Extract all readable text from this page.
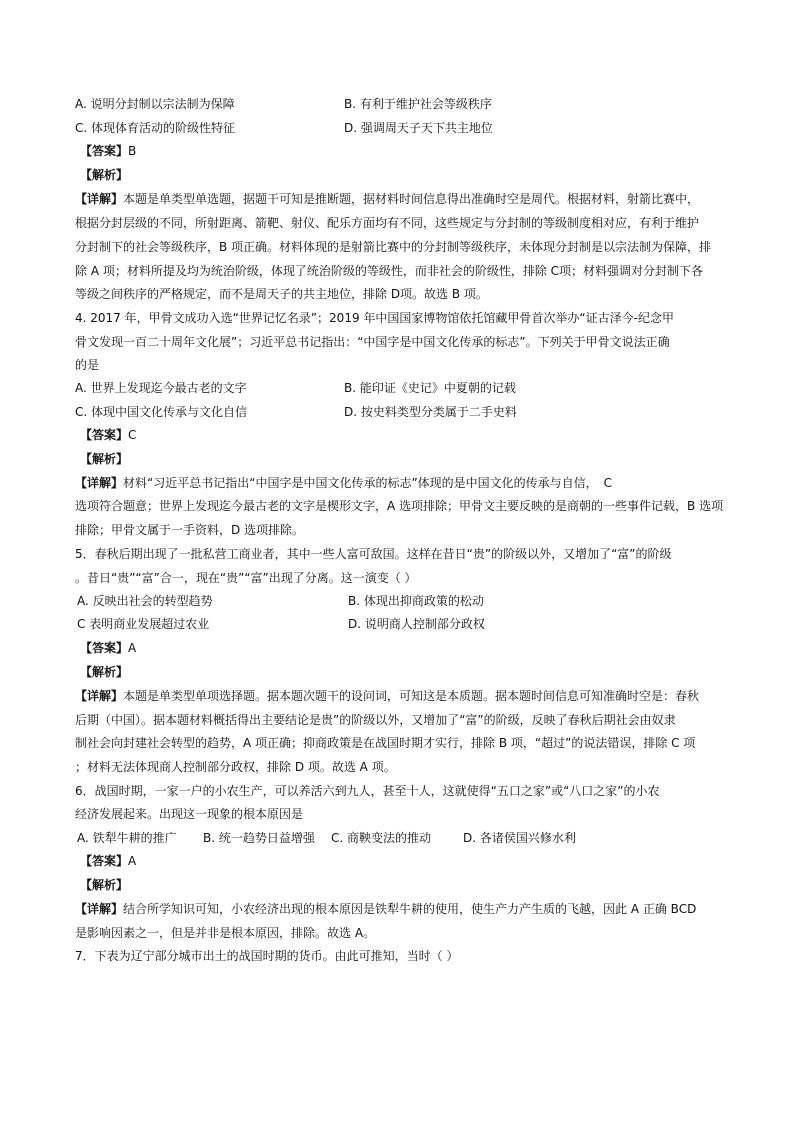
A. 说明分封制以宗法制为保障	B. 有利于维护社会等级秩序
C. 体现体育活动的阶级性特征	D. 强调周天子天下共主地位
【答案】B
【解析】
【详解】本题是单类型单选题，据题干可知是推断题，据材料时间信息得出准确时空是周代。根据材料，射箭比赛中，
根据分封层级的不同，所射距离、箭靶、射仪、配乐方面均有不同，这些规定与分封制的等级制度相对应，有利于维护
分封制下的社会等级秩序，B 项正确。材料体现的是射箭比赛中的分封制等级秩序，未体现分封制是以宗法制为保障，排
除 A 项；材料所提及均为统治阶级，体现了统治阶级的等级性，而非社会的阶级性，排除 C项；材料强调对分封制下各
等级之间秩序的严格规定，而不是周天子的共主地位，排除 D项。故选 B 项。
4. 2017 年，甲骨文成功入选“世界记忆名录”；2019 年中国国家博物馆依托馆藏甲骨首次举办“证古泽今-纪念甲
骨文发现一百二十周年文化展”；习近平总书记指出：“中国字是中国文化传承的标志”。下列关于甲骨文说法正确
的是
A. 世界上发现迄今最古老的文字	B. 能印证《史记》中夏朝的记载
C. 体现中国文化传承与文化自信	D. 按史料类型分类属于二手史料
【答案】C
【解析】
【详解】材料“习近平总书记指出“中国字是中国文化传承的标志”体现的是中国文化的传承与自信，　C
选项符合题意；世界上发现迄今最古老的文字是楔形文字，A 选项排除；甲骨文主要反映的是商朝的一些事件记载，B 选项
排除；甲骨文属于一手资料，D 选项排除。
5．春秋后期出现了一批私营工商业者，其中一些人富可敌国。这样在昔日“贵”的阶级以外，又增加了“富”的阶级
。昔日“贵”“富”合一，现在“贵”“富”出现了分离。这一演变（ ）
A. 反映出社会的转型趋势	B. 体现出抑商政策的松动
C 表明商业发展超过农业	D. 说明商人控制部分政权
【答案】A
【解析】
【详解】本题是单类型单项选择题。据本题次题干的设问词，可知这是本质题。据本题时间信息可知准确时空是：春秋
后期（中国）。据本题材料概括得出主要结论是贵”的阶级以外，又增加了“富”的阶级，反映了春秋后期社会由奴隶
制社会向封建社会转型的趋势，A 项正确；抑商政策是在战国时期才实行，排除 B 项，“超过”的说法错误，排除 C 项
；材料无法体现商人控制部分政权，排除 D 项。故选 A 项。
6．战国时期，一家一户的小农生产，可以养活六到九人，甚至十人，这就使得“五口之家”或“八口之家”的小农
经济发展起来。出现这一现象的根本原因是
A. 铁犁牛耕的推广 B. 统一趋势日益增强 C. 商鞅变法的推动	D. 各诸侯国兴修水利
【答案】A
【解析】
【详解】结合所学知识可知，小农经济出现的根本原因是铁犁牛耕的使用，使生产力产生质的飞越，因此 A 正确 BCD
是影响因素之一，但是并非是根本原因，排除。故选 A。
7．下表为辽宁部分城市出土的战国时期的货币。由此可推知，当时（ ）
